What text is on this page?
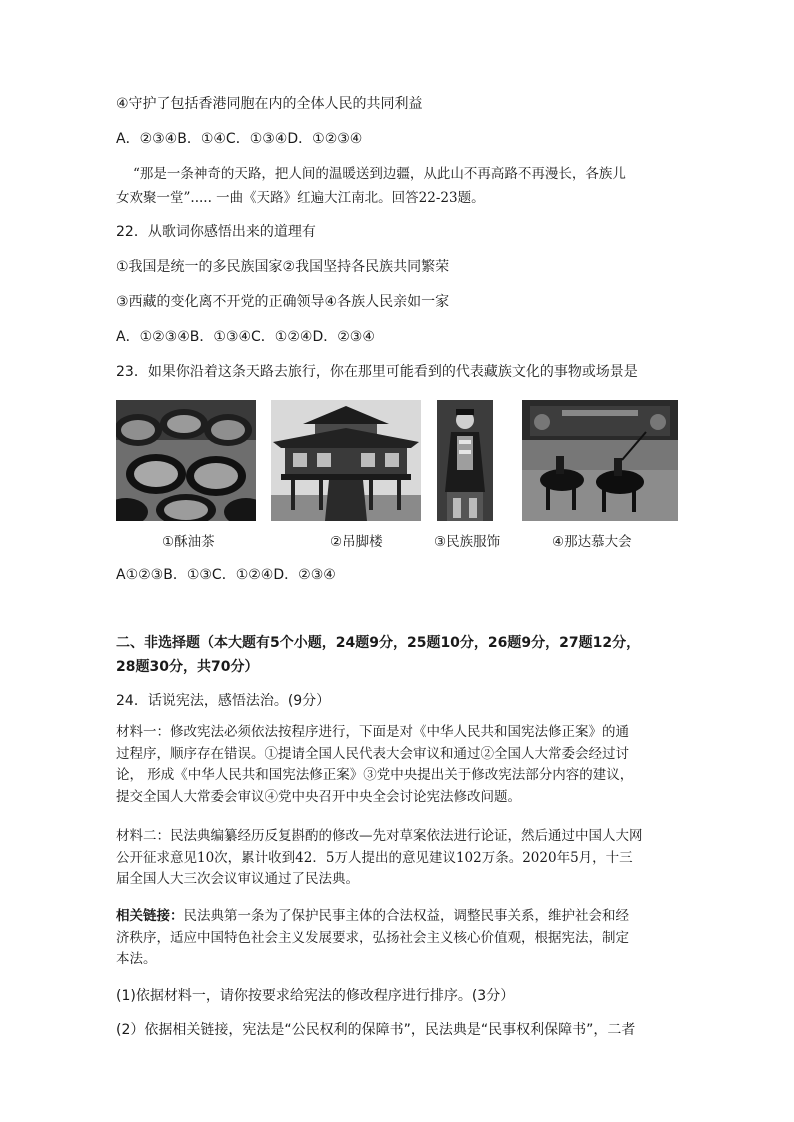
④守护了包括香港同胞在内的全体人民的共同利益
A．②③④B．①④C．①③④D．①②③④
“那是一条神奇的天路，把人间的温暖送到边疆，从此山不再高路不再漫长，各族儿
女欢聚一堂”..... 一曲《天路》红遍大江南北。回答22-23题。
22．从歌词你感悟出来的道理有
①我国是统一的多民族国家②我国坚持各民族共同繁荣
③西藏的变化离不开党的正确领导④各族人民亲如一家
A．①②③④B．①③④C．①②④D．②③④
23．如果你沿着这条天路去旅行，你在那里可能看到的代表藏族文化的事物或场景是
①酥油茶	②吊脚楼	③民族服饰	④那达慕大会
A①②③B．①③C．①②④D．②③④
二、非选择题（本大题有5个小题，24题9分，25题10分，26题9分，27题12分，
28题30分，共70分）
24．话说宪法，感悟法治。(9分）
材料一：修改宪法必须依法按程序进行，下面是对《中华人民共和国宪法修正案》的通
过程序，顺序存在错误。①提请全国人民代表大会审议和通过②全国人大常委会经过讨
论， 形成《中华人民共和国宪法修正案》③党中央提出关于修改宪法部分内容的建议，
提交全国人大常委会审议④党中央召开中央全会讨论宪法修改问题。
材料二：民法典编纂经历反复斟酌的修改—先对草案依法进行论证，然后通过中国人大网
公开征求意见10次，累计收到42．5万人提出的意见建议102万条。2020年5月，十三
届全国人大三次会议审议通过了民法典。
相关链接：民法典第一条为了保护民事主体的合法权益，调整民事关系，维护社会和经
济秩序，适应中国特色社会主义发展要求，弘扬社会主义核心价值观，根据宪法，制定
本法。
(1)依据材料一，请你按要求给宪法的修改程序进行排序。(3分）
(2）依据相关链接，宪法是“公民权利的保障书”，民法典是“民事权利保障书”，二者
